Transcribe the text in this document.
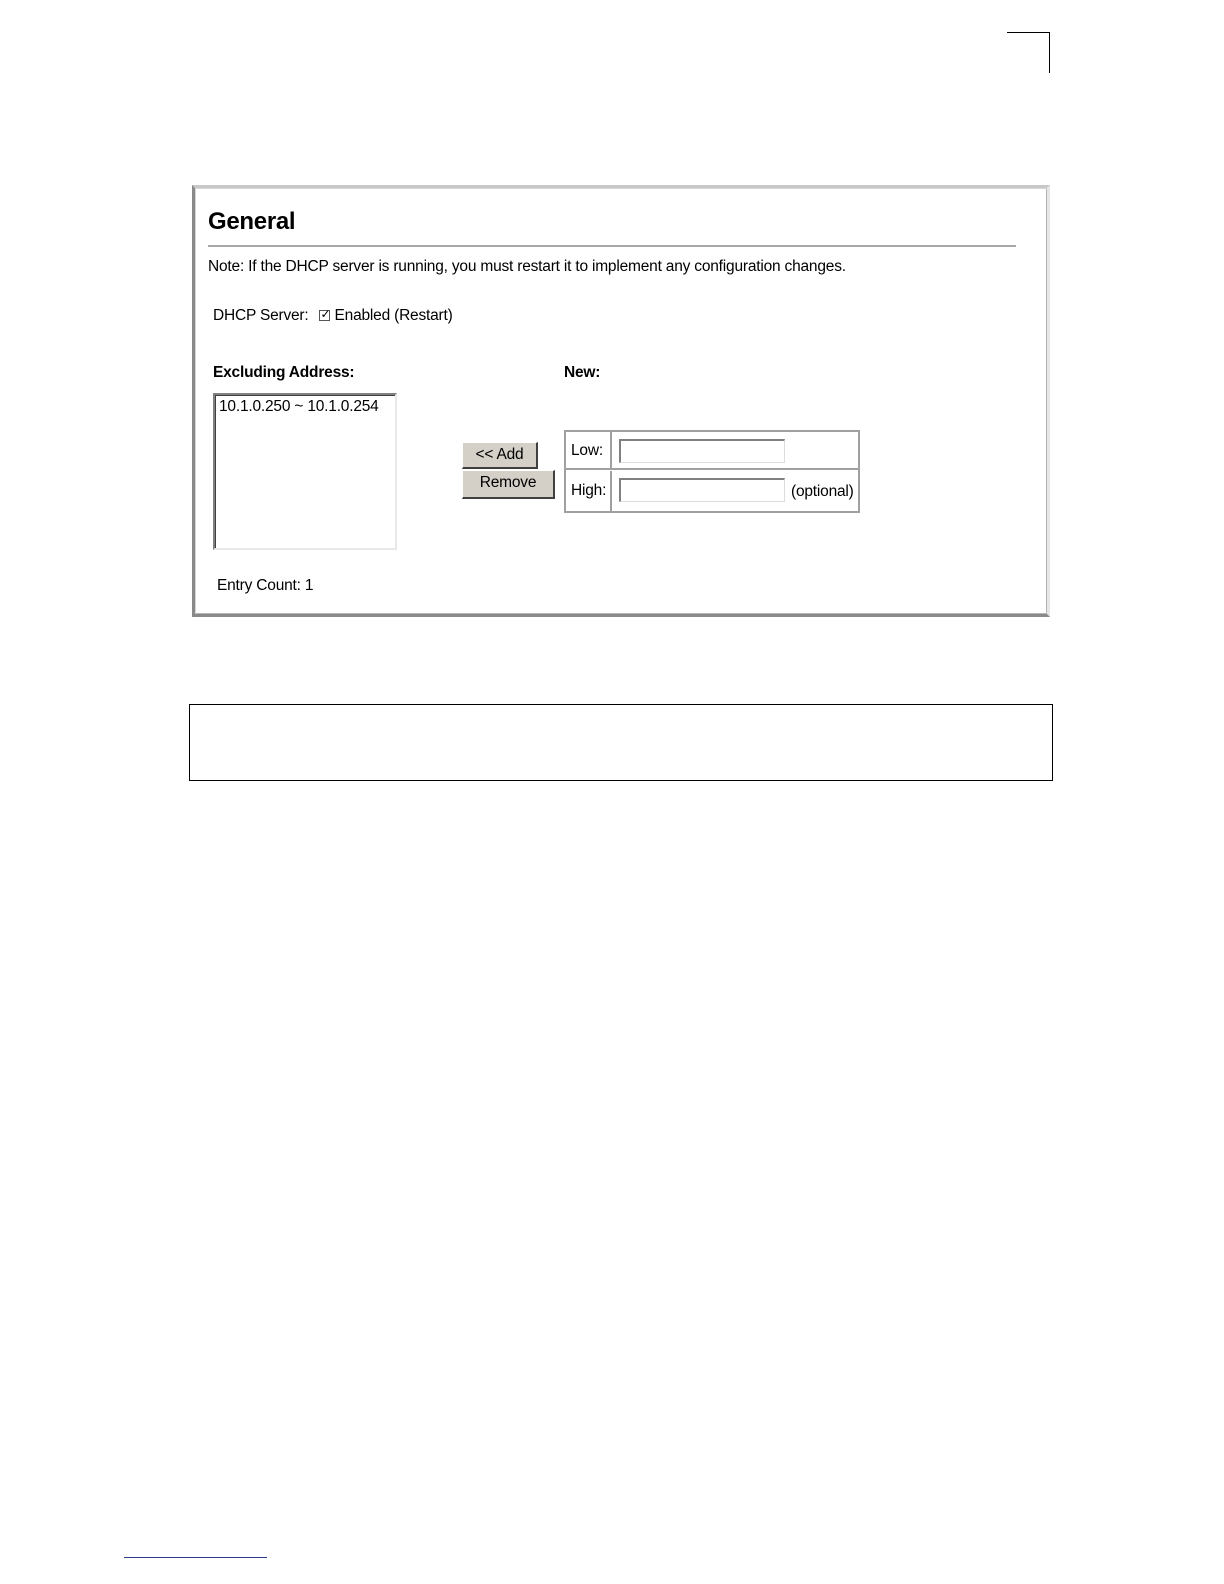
General
Note: If the DHCP server is running, you must restart it to implement any configuration changes.
DHCP Server: ✓ Enabled (Restart)
Excluding Address:	New:
10.1.0.250 ~ 10.1.0.254
<< Add
Remove
Low:
High:	(optional)
Entry Count: 1
